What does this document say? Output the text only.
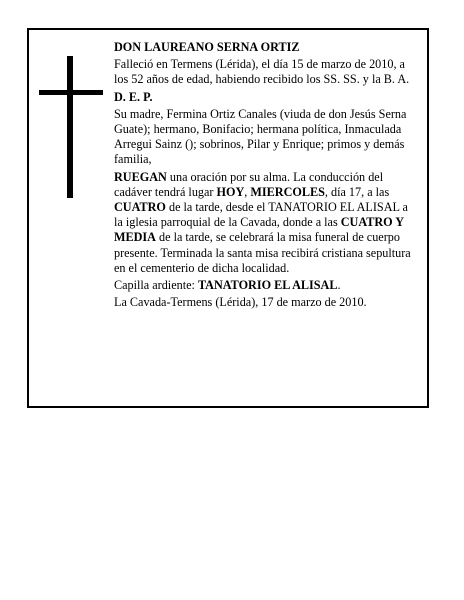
DON LAUREANO SERNA ORTIZ

Falleció en Termens (Lérida), el día 15 de marzo de 2010, a los 52 años de edad, habiendo recibido los SS. SS. y la B. A.

D. E. P.

Su madre, Fermina Ortiz Canales (viuda de don Jesús Serna Guate); hermano, Bonifacio; hermana política, Inmaculada Arregui Sainz (); sobrinos, Pilar y Enrique; primos y demás familia,

RUEGAN una oración por su alma. La conducción del cadáver tendrá lugar HOY, MIERCOLES, día 17, a las CUATRO de la tarde, desde el TANATORIO EL ALISAL a la iglesia parroquial de la Cavada, donde a las CUATRO Y MEDIA de la tarde, se celebrará la misa funeral de cuerpo presente. Terminada la santa misa recibirá cristiana sepultura en el cementerio de dicha localidad.

Capilla ardiente: TANATORIO EL ALISAL.

La Cavada-Termens (Lérida), 17 de marzo de 2010.
